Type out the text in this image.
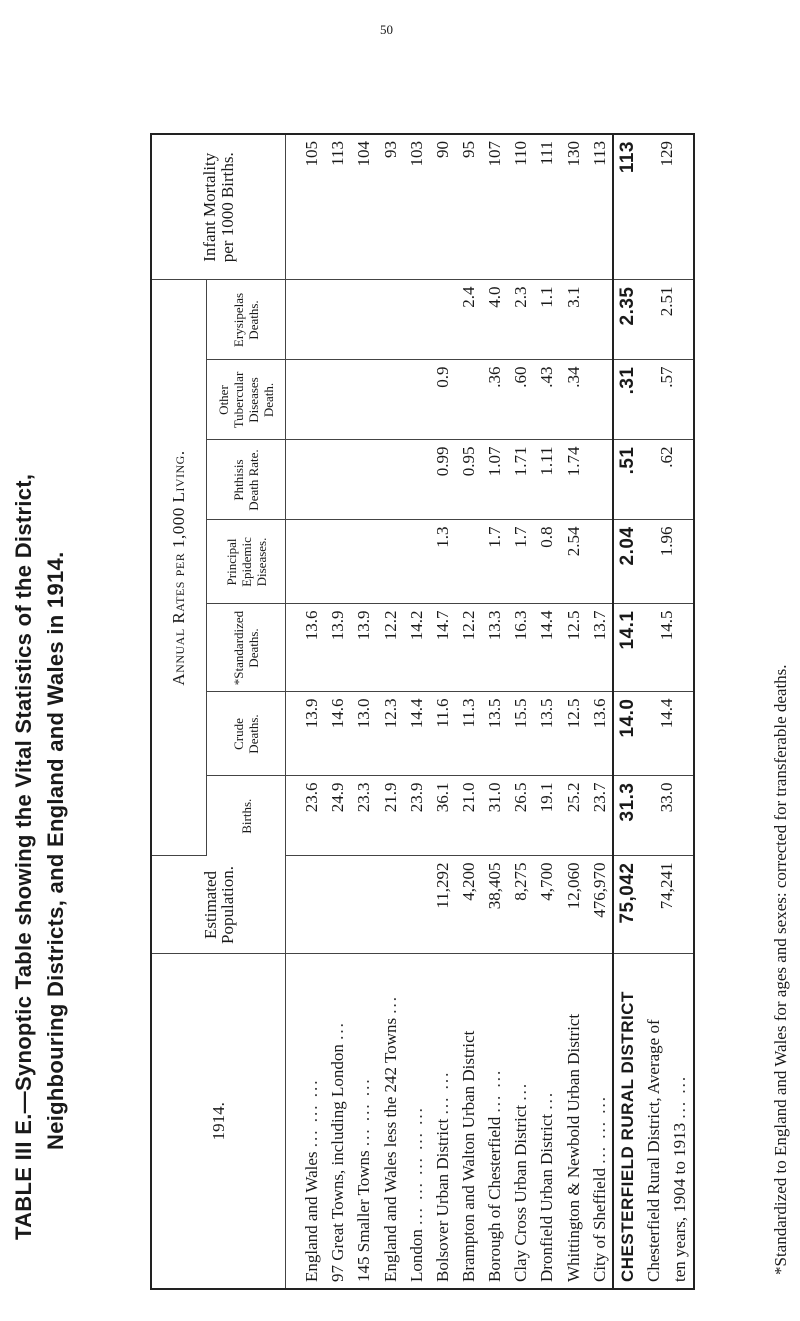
50
TABLE III E.—Synoptic Table showing the Vital Statistics of the District, Neighbouring Districts, and England and Wales in 1914.	1914.	Estimated Population.	Annual Rates per 1,000 Living.							Infant Mortality per 1000 Births.
		Births.	Crude Deaths.	*Standardized Deaths.	Principal Epidemic Diseases.	Phthisis Death Rate.	Other Tubercular Diseases Death.	Erysipelas Deaths.	

England and Wales ... ... ...		23.6	13.9	13.6					105
97 Great Towns, including London ...		24.9	14.6	13.9					113
145 Smaller Towns ... ... ...		23.3	13.0	13.9					104
England and Wales less the 242 Towns ...		21.9	12.3	12.2					93
London ... ... ... ... ...		23.9	14.4	14.2					103
Bolsover Urban District ... ...	11,292	36.1	11.6	14.7	1.3	0.99	0.9		90
Brampton and Walton Urban District	4,200	21.0	11.3	12.2		0.95		2.4	95
Borough of Chesterfield ... ...	38,405	31.0	13.5	13.3	1.7	1.07	.36	4.0	107
Clay Cross Urban District ...	8,275	26.5	15.5	16.3	1.7	1.71	.60	2.3	110
Dronfield Urban District ...	4,700	19.1	13.5	14.4	0.8	1.11	.43	1.1	111
Whittington & Newbold Urban District	12,060	25.2	12.5	12.5	2.54	1.74	.34	3.1	130
City of Sheffield ... ... ...	476,970	23.7	13.6	13.7					113
CHESTERFIELD RURAL DISTRICT	75,042	31.3	14.0	14.1	2.04	.51	.31	2.35	113
Chesterfield Rural District, Average of	74,241	33.0	14.4	14.5	1.96	.62	.57	2.51	129
ten years, 1904 to 1913 ... ...										*Standardized to England and Wales for ages and sexes: corrected for transferable deaths.
